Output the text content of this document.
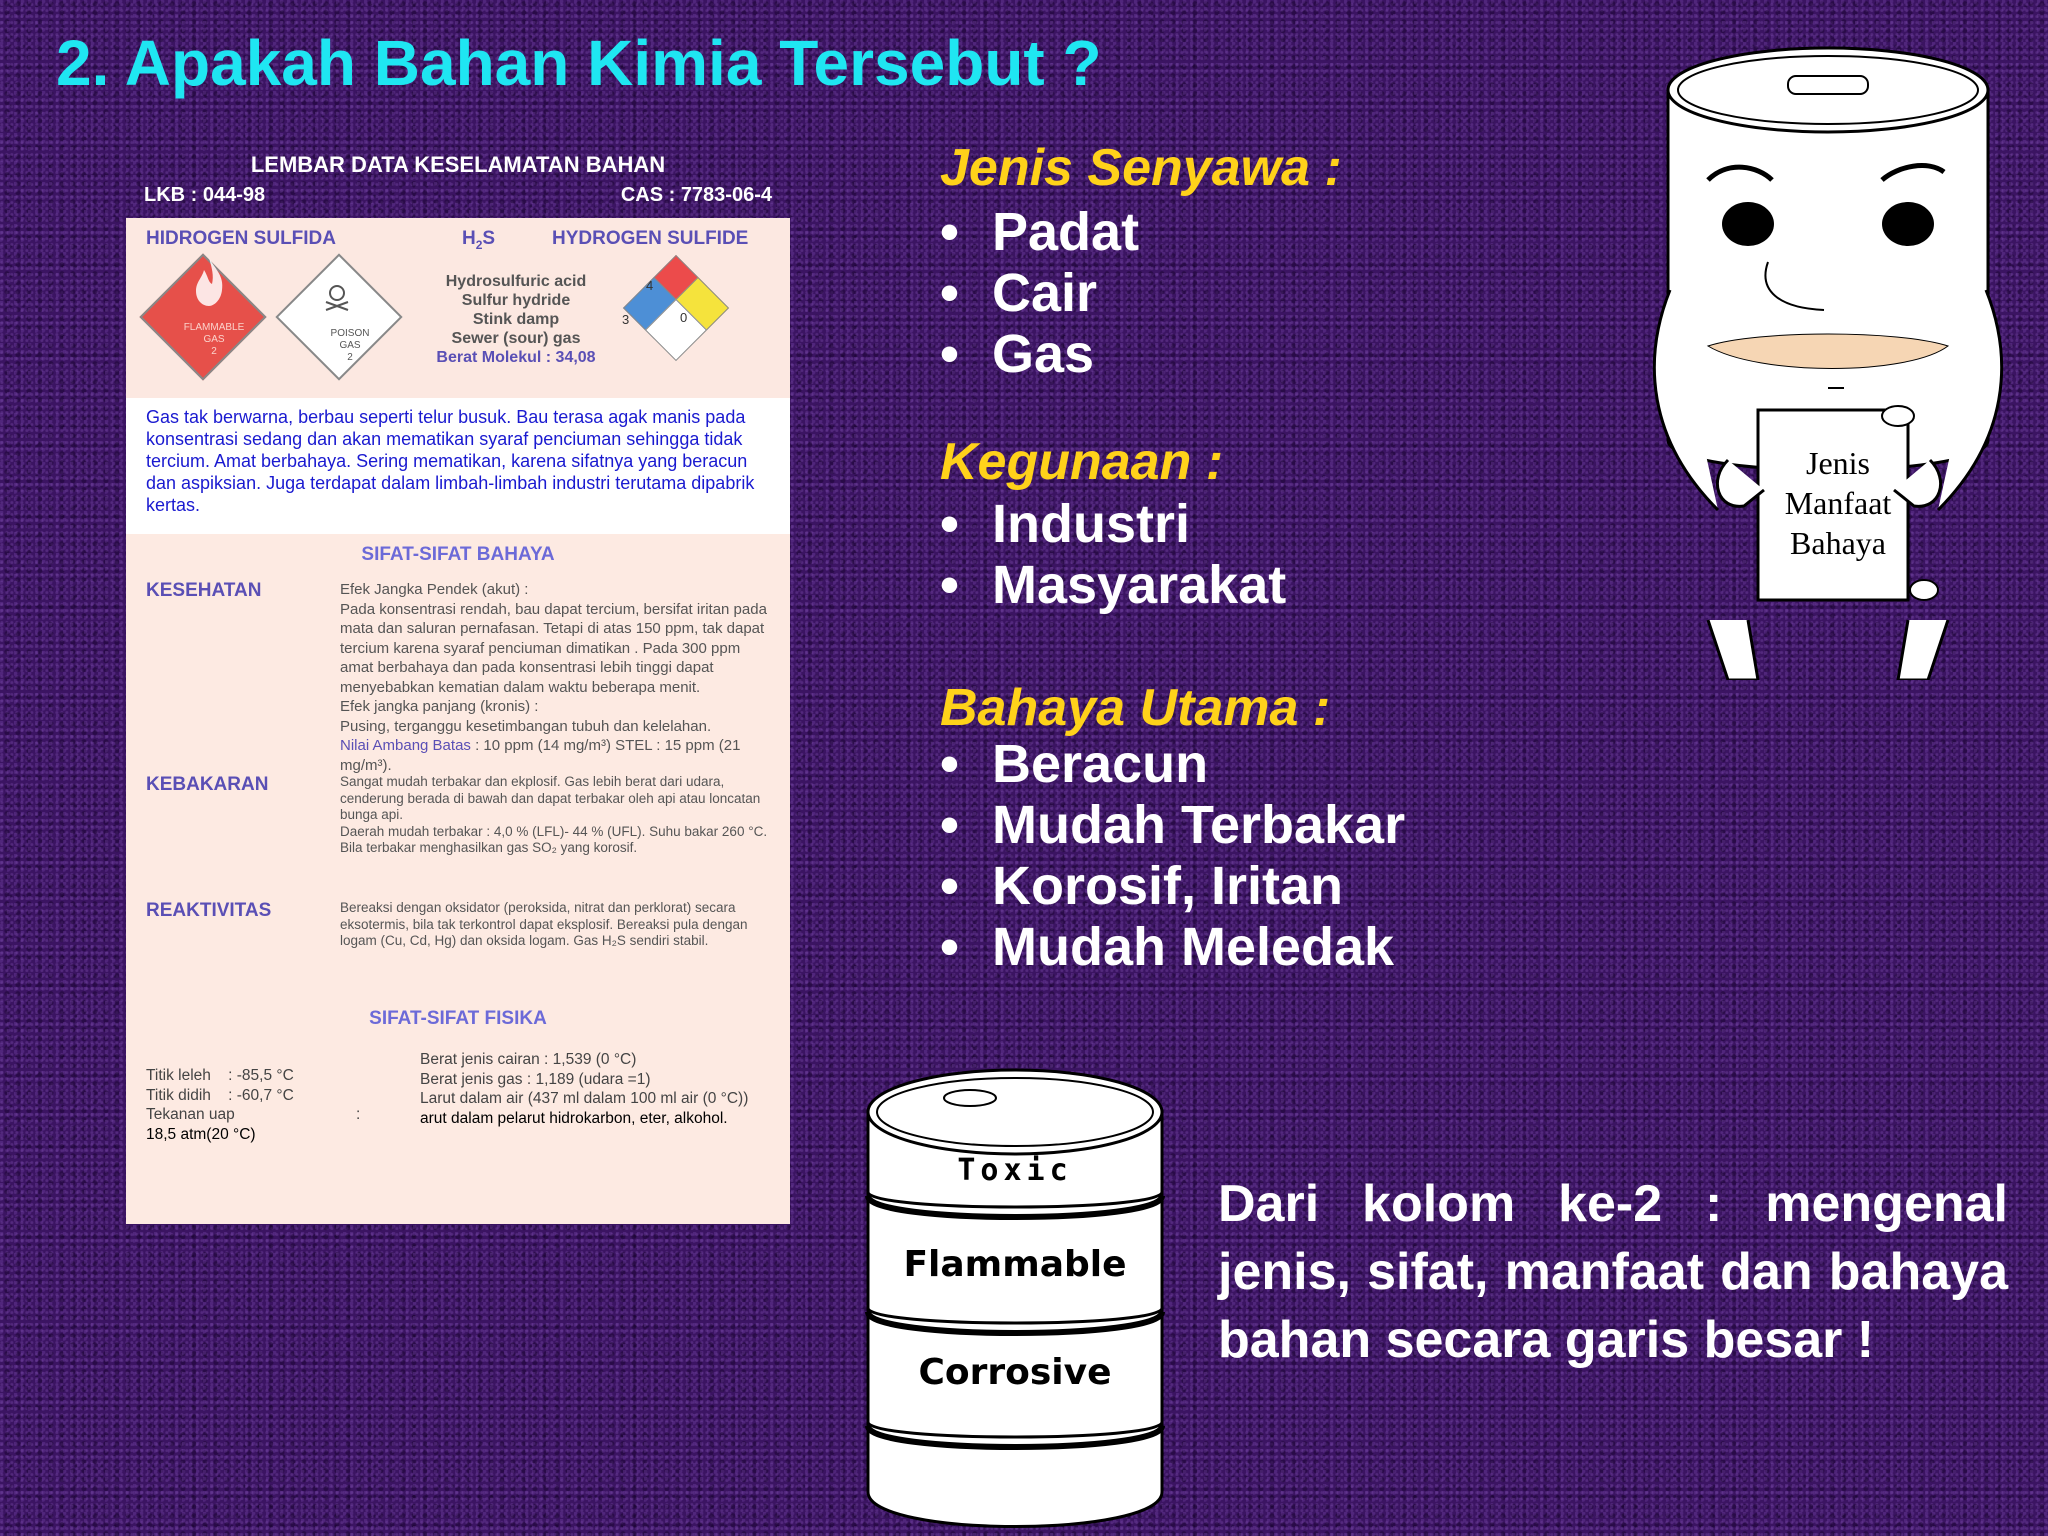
2. Apakah Bahan Kimia Tersebut ?
LEMBAR DATA KESELAMATAN BAHAN
LKB : 044-98	CAS : 7783-06-4
HIDROGEN SULFIDA	$H_2S$	HYDROGEN SULFIDE
FLAMMABLE
GAS
2
POISON
GAS
2
Hydrosulfuric acid
Sulfur hydride
Stink damp
Sewer (sour) gas
Berat Molekul : 34,08
4
3	0
Gas tak berwarna, berbau seperti telur busuk. Bau terasa agak manis pada konsentrasi sedang dan akan mematikan syaraf penciuman sehingga tidak tercium. Amat berbahaya. Sering mematikan, karena sifatnya yang beracun dan aspiksian. Juga terdapat dalam limbah-limbah industri terutama dipabrik kertas.
SIFAT-SIFAT BAHAYA
KESEHATAN	Efek Jangka Pendek (akut) :
Pada konsentrasi rendah, bau dapat tercium, bersifat iritan pada mata dan saluran pernafasan. Tetapi di atas 150 ppm, tak dapat tercium karena syaraf penciuman dimatikan . Pada 300 ppm amat berbahaya dan pada konsentrasi lebih tinggi dapat menyebabkan kematian dalam waktu beberapa menit.
Efek jangka panjang (kronis) :
Pusing, terganggu kesetimbangan tubuh dan kelelahan.
Nilai Ambang Batas : 10 ppm (14 mg/m³) STEL : 15 ppm (21 mg/m³).
KEBAKARAN	Sangat mudah terbakar dan ekplosif. Gas lebih berat dari udara, cenderung berada di bawah dan dapat terbakar oleh api atau loncatan bunga api.
Daerah mudah terbakar : 4,0 % (LFL)- 44 % (UFL). Suhu bakar 260 °C.
Bila terbakar menghasilkan gas SO₂ yang korosif.
REAKTIVITAS	Bereaksi dengan oksidator (peroksida, nitrat dan perklorat) secara eksotermis, bila tak terkontrol dapat eksplosif. Bereaksi pula dengan logam (Cu, Cd, Hg) dan oksida logam. Gas H₂S sendiri stabil.
SIFAT-SIFAT FISIKA
Titik leleh    : -85,5 °C
Titik didih    : -60,7 °C
Tekanan uap	:
18,5 atm(20 °C)
Berat jenis cairan : 1,539 (0 °C)
Berat jenis gas : 1,189 (udara =1)
Larut dalam air (437 ml dalam 100 ml air (0 °C))
arut dalam pelarut hidrokarbon, eter, alkohol.
Jenis Senyawa :
• Padat
• Cair
• Gas
Kegunaan :
• Industri
• Masyarakat
Bahaya Utama :
• Beracun
• Mudah Terbakar
• Korosif, Iritan
• Mudah Meledak
Jenis
Manfaat
Bahaya
Toxic
Flammable
Corrosive

Dari kolom ke-2 : mengenal jenis, sifat, manfaat dan bahaya bahan secara garis besar !
